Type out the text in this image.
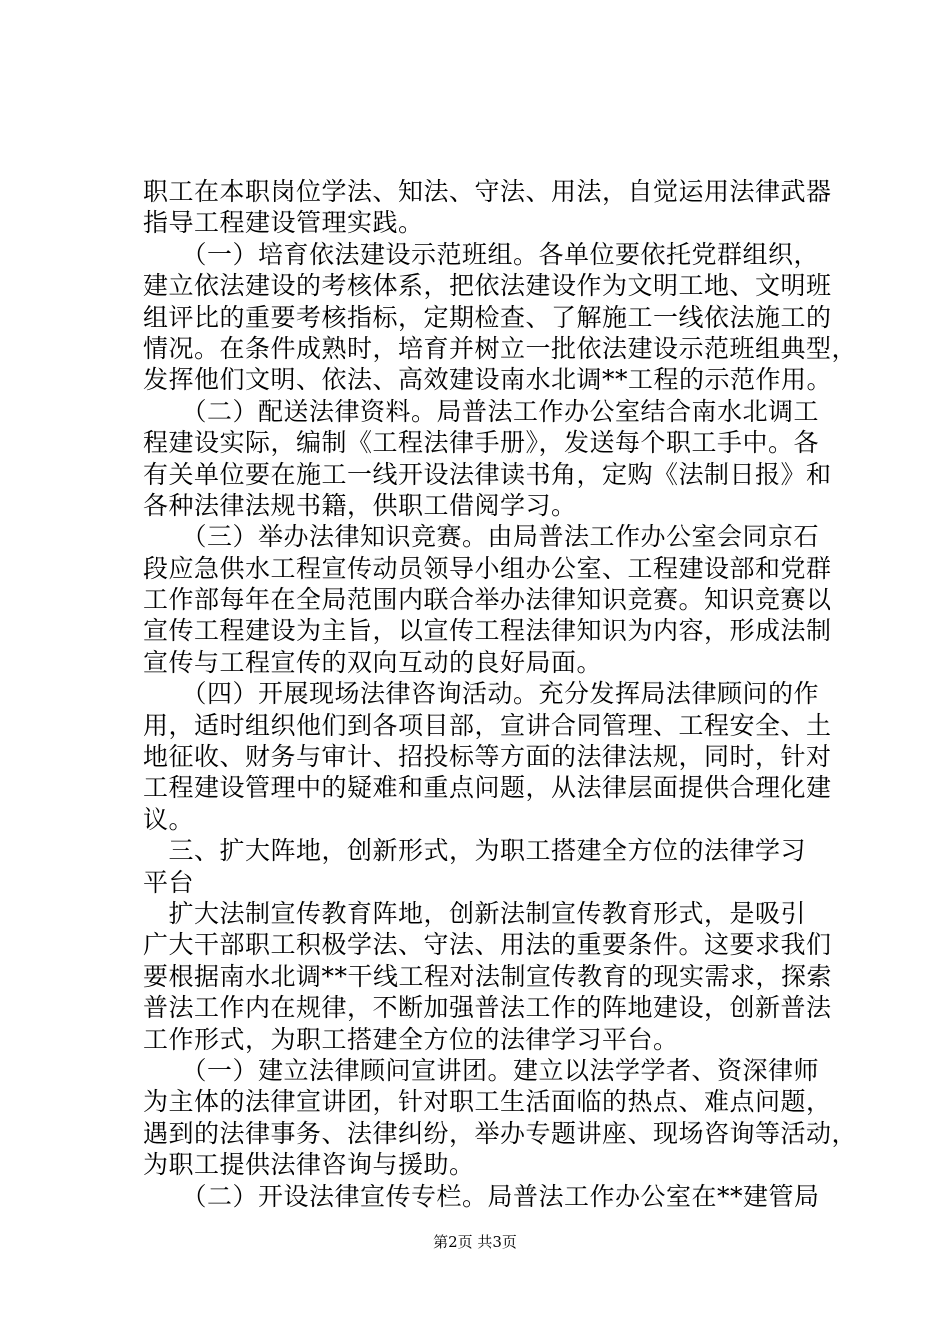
职工在本职岗位学法、知法、守法、用法，自觉运用法律武器
指导工程建设管理实践。
　　（一）培育依法建设示范班组。各单位要依托党群组织，
建立依法建设的考核体系，把依法建设作为文明工地、文明班
组评比的重要考核指标，定期检查、了解施工一线依法施工的
情况。在条件成熟时，培育并树立一批依法建设示范班组典型，
发挥他们文明、依法、高效建设南水北调**工程的示范作用。
　　（二）配送法律资料。局普法工作办公室结合南水北调工
程建设实际，编制《工程法律手册》，发送每个职工手中。各
有关单位要在施工一线开设法律读书角，定购《法制日报》和
各种法律法规书籍，供职工借阅学习。
　　（三）举办法律知识竞赛。由局普法工作办公室会同京石
段应急供水工程宣传动员领导小组办公室、工程建设部和党群
工作部每年在全局范围内联合举办法律知识竞赛。知识竞赛以
宣传工程建设为主旨，以宣传工程法律知识为内容，形成法制
宣传与工程宣传的双向互动的良好局面。
　　（四）开展现场法律咨询活动。充分发挥局法律顾问的作
用，适时组织他们到各项目部，宣讲合同管理、工程安全、土
地征收、财务与审计、招投标等方面的法律法规，同时，针对
工程建设管理中的疑难和重点问题，从法律层面提供合理化建
议。
　三、扩大阵地，创新形式，为职工搭建全方位的法律学习
平台
　扩大法制宣传教育阵地，创新法制宣传教育形式，是吸引
广大干部职工积极学法、守法、用法的重要条件。这要求我们
要根据南水北调**干线工程对法制宣传教育的现实需求，探索
普法工作内在规律，不断加强普法工作的阵地建设，创新普法
工作形式，为职工搭建全方位的法律学习平台。
　　（一）建立法律顾问宣讲团。建立以法学学者、资深律师
为主体的法律宣讲团，针对职工生活面临的热点、难点问题，
遇到的法律事务、法律纠纷，举办专题讲座、现场咨询等活动，
为职工提供法律咨询与援助。
　　（二）开设法律宣传专栏。局普法工作办公室在**建管局
第2页 共3页
